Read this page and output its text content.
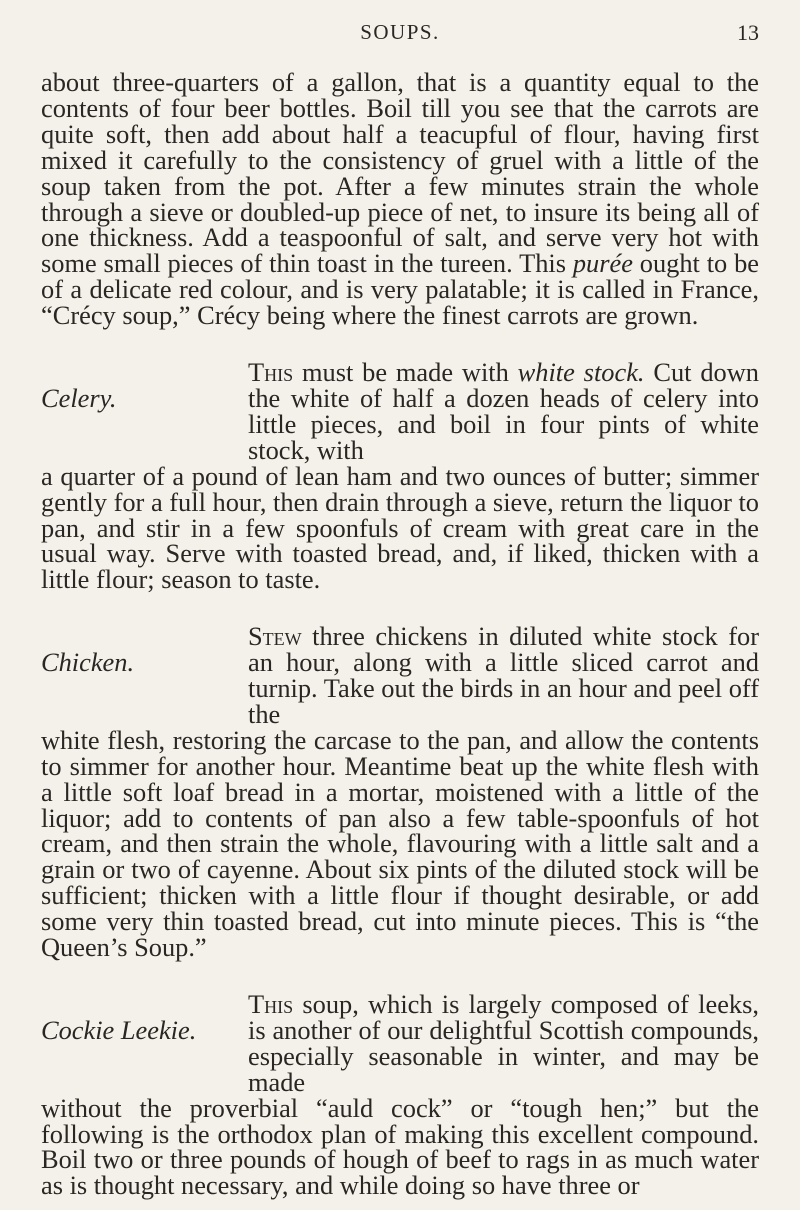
SOUPS.	13

about three-quarters of a gallon, that is a quantity equal to the contents of four beer bottles. Boil till you see that the carrots are quite soft, then add about half a teacupful of flour, having first mixed it carefully to the consistency of gruel with a little of the soup taken from the pot. After a few minutes strain the whole through a sieve or doubled-up piece of net, to insure its being all of one thickness. Add a teaspoonful of salt, and serve very hot with some small pieces of thin toast in the tureen. This purée ought to be of a delicate red colour, and is very palatable; it is called in France, “Crécy soup,” Crécy being where the finest carrots are grown.

Celery.

This must be made with white stock. Cut down the white of half a dozen heads of celery into little pieces, and boil in four pints of white stock, with

a quarter of a pound of lean ham and two ounces of butter; simmer gently for a full hour, then drain through a sieve, return the liquor to pan, and stir in a few spoonfuls of cream with great care in the usual way. Serve with toasted bread, and, if liked, thicken with a little flour; season to taste.

Chicken.

Stew three chickens in diluted white stock for an hour, along with a little sliced carrot and turnip. Take out the birds in an hour and peel off the

white flesh, restoring the carcase to the pan, and allow the contents to simmer for another hour. Meantime beat up the white flesh with a little soft loaf bread in a mortar, moistened with a little of the liquor; add to contents of pan also a few table-spoonfuls of hot cream, and then strain the whole, flavouring with a little salt and a grain or two of cayenne. About six pints of the diluted stock will be sufficient; thicken with a little flour if thought desirable, or add some very thin toasted bread, cut into minute pieces. This is “the Queen’s Soup.”

Cockie Leekie.

This soup, which is largely composed of leeks, is another of our delightful Scottish compounds, especially seasonable in winter, and may be made

without the proverbial “auld cock” or “tough hen;” but the following is the orthodox plan of making this excellent compound. Boil two or three pounds of hough of beef to rags in as much water as is thought necessary, and while doing so have three or
